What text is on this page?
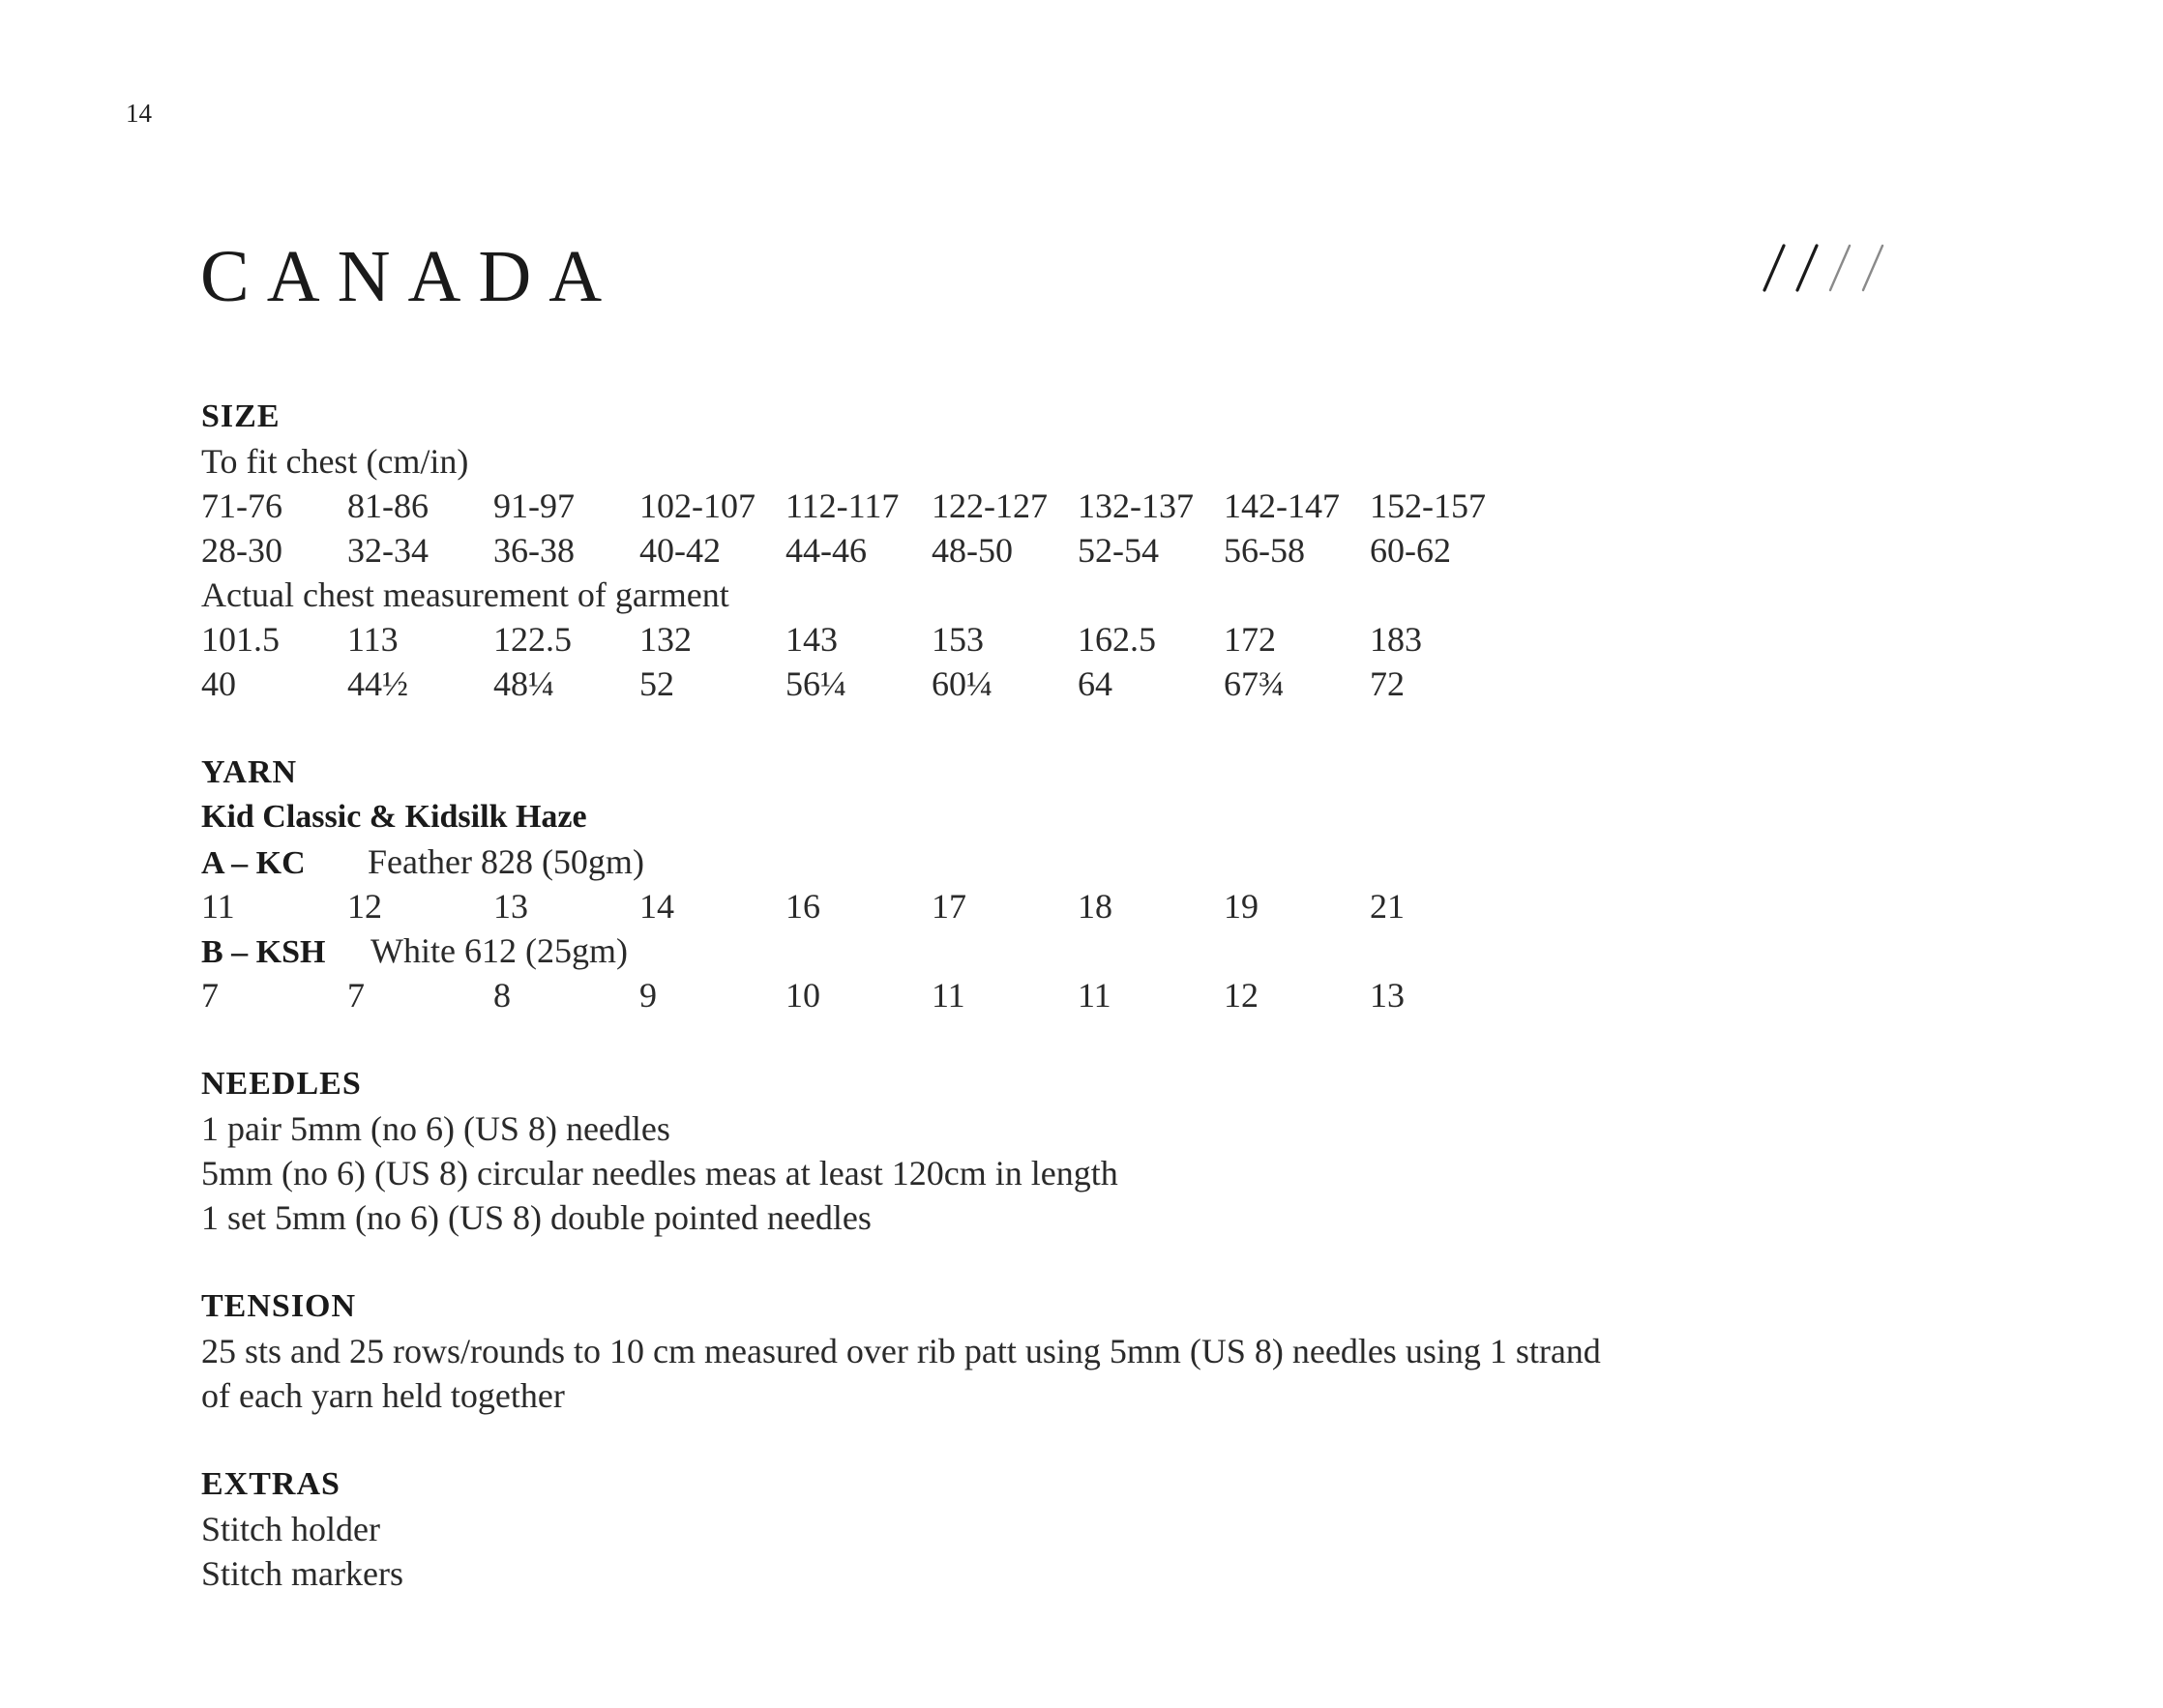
14
CANADA
SIZE
To fit chest (cm/in)
71-76	81-86	91-97	102-107 112-117 122-127 132-137 142-147 152-157
28-30	32-34	36-38	40-42	44-46	48-50	52-54	56-58	60-62
Actual chest measurement of garment
101.5	113	122.5	132	143	153	162.5	172	183
40	44½	48¼	52	56¼	60¼	64	67¾	72
YARN
Kid Classic & Kidsilk Haze
A – KC Feather 828 (50gm)
11	12	13	14	16	17	18	19	21
B – KSH White 612 (25gm)
7	7	8	9	10	11	11	12	13
NEEDLES
1 pair 5mm (no 6) (US 8) needles
5mm (no 6) (US 8) circular needles meas at least 120cm in length
1 set 5mm (no 6) (US 8) double pointed needles
TENSION
25 sts and 25 rows/rounds to 10 cm measured over rib patt using 5mm (US 8) needles using 1 strand
of each yarn held together
EXTRAS
Stitch holder
Stitch markers
